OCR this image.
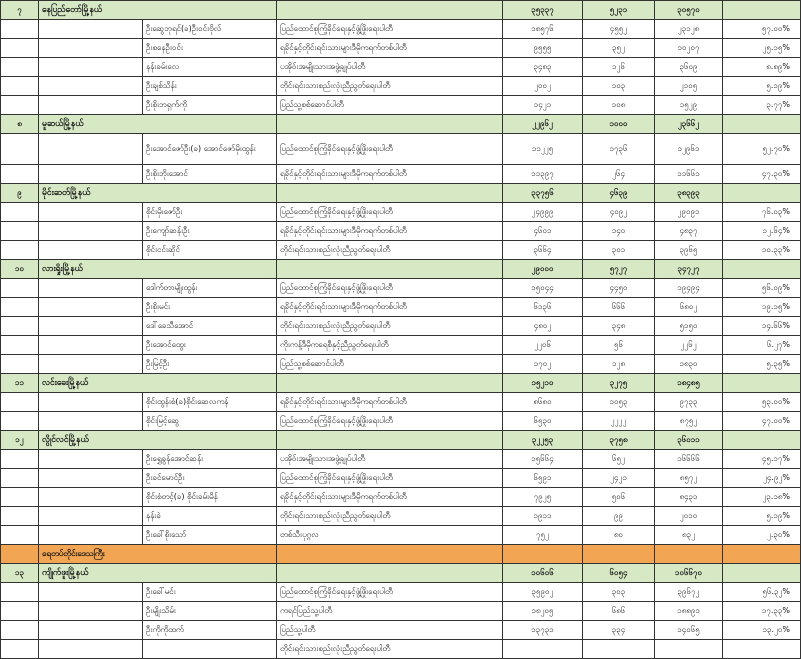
၇	နေပြည်တော်မြို့နယ်			၃၅၃၃၇	၅၂၃၁	၃၀၅၇၀	
		ဦးဆွေဘုရင်(ခ)ဦးဝင်းဗိုလ်	ပြည်ထောင်စုကြံ့ခိုင်ရေးနှင့်ဖွံ့ဖြိုးရေးပါတီ	၁၈၅၇၆	၄၅၅၂	၂၃၁၂၈	၅၇.၀၀%
		ဦးစနေဦးဝင်း	ရခိုင်နှင့်တိုင်းရင်းသားများဒီမိုကရက်တစ်ပါတီ	၉၅၅၅	၃၅၂	၁၀၂၀၇	၂၅.၁၅%
		နန်းခမ်းလေ	ပအိုဝ်းအမျိုးသားအဖွဲ့ချုပ်ပါတီ	၃၄၈၃	၁၂၆	၃၆၀၉	၈.၈၉%
		ဦးချစ်သိန်း	တိုင်းရင်းသားစည်းလုံးညီညွတ်ရေးပါတီ	၂၀၀၂	၁၀၃	၂၁၀၅	၅.၁၉%
		ဦးစိုးဘရှက်ကို	ပြည်သူ့စစ်ဆောင်ပါတီ	၁၄၂၁	၁၀၈	၁၅၂၉	၃.၇၇%
၈	မူဆယ်မြို့နယ်			၂၂၉၆၂	၁၀၀၀	၂၃၆၆၂	
		ဦးအောင်ဇော်ဦး(ခ) အောင်ဇော်မိုးထွန်း	ပြည်ထောင်စုကြံ့ခိုင်ရေးနှင့်ဖွံ့ဖြိုးရေးပါတီ	၁၁၂၂၅	၁၇၃၆	၁၂၉၆၁	၅၂.၇၀%
		ဦးစိုးဘိုးအောင်	ရခိုင်နှင့်တိုင်းရင်းသားများဒီမိုကရက်တစ်ပါတီ	၁၁၃၉၇	၂၆၄	၁၁၆၆၁	၄၇.၃၀%
၉	မိုင်းဆတ်မြို့နယ်			၃၃၇၅၆	၄၆၃၉	၃၈၃၉၃	
		စိုင်းမိုးဇော်ဦး	ပြည်ထောင်စုကြံ့ခိုင်ရေးနှင့်ဖွံ့ဖြိုးရေးပါတီ	၂၄၉၉၉	၄၀၉၂	၂၉၀၉၁	၇၆.၀၃%
		ဦးကျော်ဆန်းဦး	ရခိုင်နှင့်တိုင်းရင်းသားများဒီမိုကရက်တစ်ပါတီ	၄၆၀၁	၁၄၀	၄၈၃၇	၁၂.၆၄%
		စိုင်းငင်းဆိုင်	တိုင်းရင်းသားစည်းလုံးညီညွတ်ရေးပါတီ	၃၆၆၄	၃၀၁	၃၉၆၅	၁၀.၃၃%
၁၀	လားရှိုးမြို့နယ်			၂၉၀၀၀	၅၇၂၇	၃၄၇၂၇	
		ဒေါက်တာမျိုးထွန်း	ပြည်ထောင်စုကြံ့ခိုင်ရေးနှင့်ဖွံ့ဖြိုးရေးပါတီ	၁၅၀၄၄	၄၄၅၀	၁၉၄၉၄	၅၆.၀၉%
		ဦးစိုးမင်း	ရခိုင်နှင့်တိုင်းရင်းသားများဒီမိုကရက်တစ်ပါတီ	၆၁၃၆	၆၆၆	၆၈၀၂	၁၉.၁၅%
		ဒေါ်ခေသီအောင်	တိုင်းရင်းသားစည်းလုံးညီညွတ်ရေးပါတီ	၄၈၀၂	၃၄၈	၅၁၅၀	၁၄.၆၆%
		ဦးအောင်ထွေး	ကိုးကန့်ဒီမိုကရေစီနှင့်ညီညွတ်ရေးပါတီ	၂၂၀၆	၅၆	၂၂၆၂	၆.၂၇%
		ဦးမြင့်ဦး	ပြည်သူ့စစ်ဆောင်ပါတီ	၁၇၀၂	၁၂၈	၁၈၃၀	၅.၃၅%
၁၁	လင်းခေးမြို့နယ်			၁၅၂၁၀	၃၂၇၅	၁၈၄၈၅	
		စိုင်းထွန်းစံ(ခ)စိုင်းဆေလကန်	ရခိုင်နှင့်တိုင်းရင်းသားများဒီမိုကရက်တစ်ပါတီ	၈၆၈၀	၁၀၅၃	၉၇၃၃	၅၃.၀၀%
		စိုင်းမြင့်ဆွေ	ပြည်ထောင်စုကြံ့ခိုင်ရေးနှင့်ဖွံ့ဖြိုးရေးပါတီ	၆၅၃၀	၂၂၂၂	၈၇၅၂	၄၇.၀၀%
၁၂	လွိုင်လင်မြို့နယ်			၃၂၂၅၃	၃၇၅၈	၃၆၀၁၁	
		ဦးရွှေခွန်အောင်ဆန်း	ပအိုဝ်းအမျိုးသားအဖွဲ့ချုပ်ပါတီ	၁၅၆၆၄	၆၅၂	၁၆၆၆၆	၄၅.၁၇%
		ဦးခင်မောင်ဦး	ပြည်ထောင်စုကြံ့ခိုင်ရေးနှင့်ဖွံ့ဖြိုးရေးပါတီ	၆၅၉၁	၂၄၂၁	၈၅၇၂	၂၄.၉၂%
		စိုင်းစံတင့်(ခ) စိုင်းခမ်းမိန်	ရခိုင်နှင့်တိုင်းရင်းသားများဒီမိုကရက်တစ်ပါတီ	၇၉၂၅	၅၀၆	၈၄၃၁	၂၃.၁၈%
		နန်းခဲ	တိုင်းရင်းသားစည်းလုံးညီညွတ်ရေးပါတီ	၁၉၁၁	၉၉	၂၀၁၀	၅.၁၉%
		ဦးခေါ်စိုးသော်	တစ်သီးပုဂ္ဂလ	၇၅၂	၈၀	၈၃၂	၂.၃၀%
	ရေတပ်တိုင်းဒေသကြီး						
၁၃	ကျိုက်ဖူးမြို့နယ်			၁၀၆၀၆	၆၀၅၄	၁၀၆၆၇၀	
		ဦးခေါ်မင်း	ပြည်ထောင်စုကြံ့ခိုင်ရေးနှင့်ဖွံ့ဖြိုးရေးပါတီ	၃၅၉၀၂	၃၀၃	၃၉၆၇၂	၅၆.၃၂%
		ဦးမျိုးသိမ်း	ကရင်ပြည်သူ့ပါတီ	၁၈၂၀၅	၆၈၆	၁၈၈၉၁	၁၇.၃၃%
		ဦးကိုကိုထက်	ပြည်သူ့ပါတီ	၁၃၇၃၁	၃၃၄	၁၄၀၆၅	၁၃.၂၀%
			တိုင်းရင်းသားစည်းလုံးညီညွတ်ရေးပါတီ				
